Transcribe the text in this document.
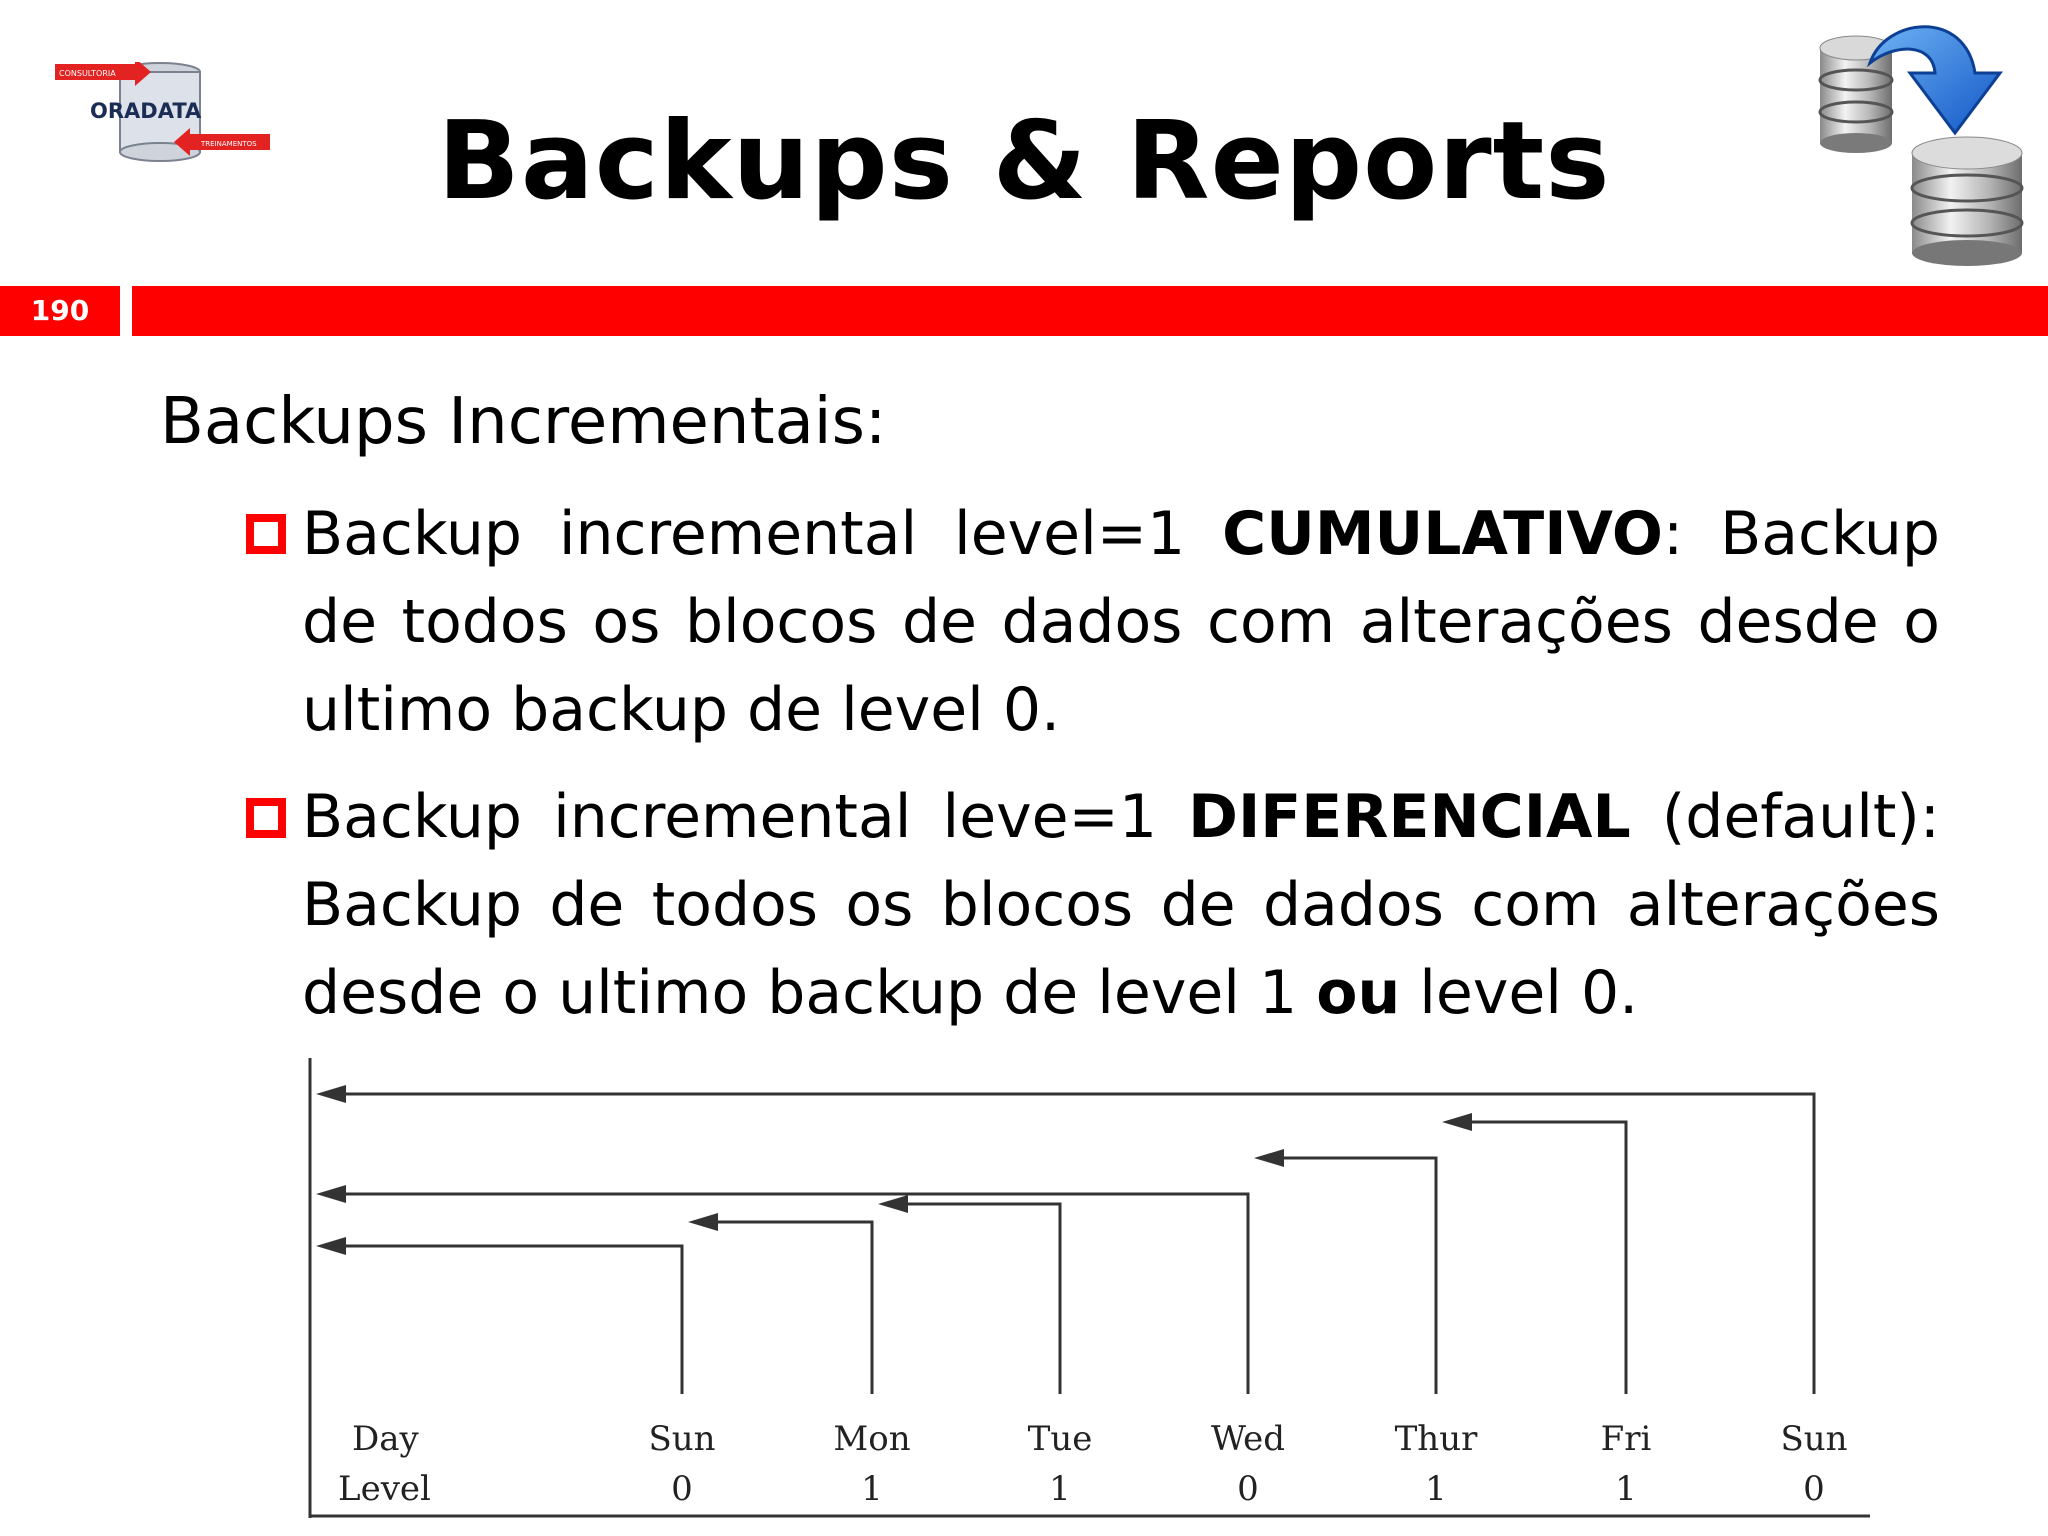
CONSULTORIA
ORADATA
TREINAMENTOS	Backups & Reports
190
Backups Incrementais:
Backup incremental level=1 CUMULATIVO: Backup de todos os blocos de dados com alterações desde o ultimo backup de level 0.
Backup incremental leve=1 DIFERENCIAL (default): Backup de todos os blocos de dados com alterações desde o ultimo backup de level 1 ou level 0.
Day
Level
Sun
0
Mon
1
Tue
1
Wed
0
Thur
1
Fri
1
Sun
0
